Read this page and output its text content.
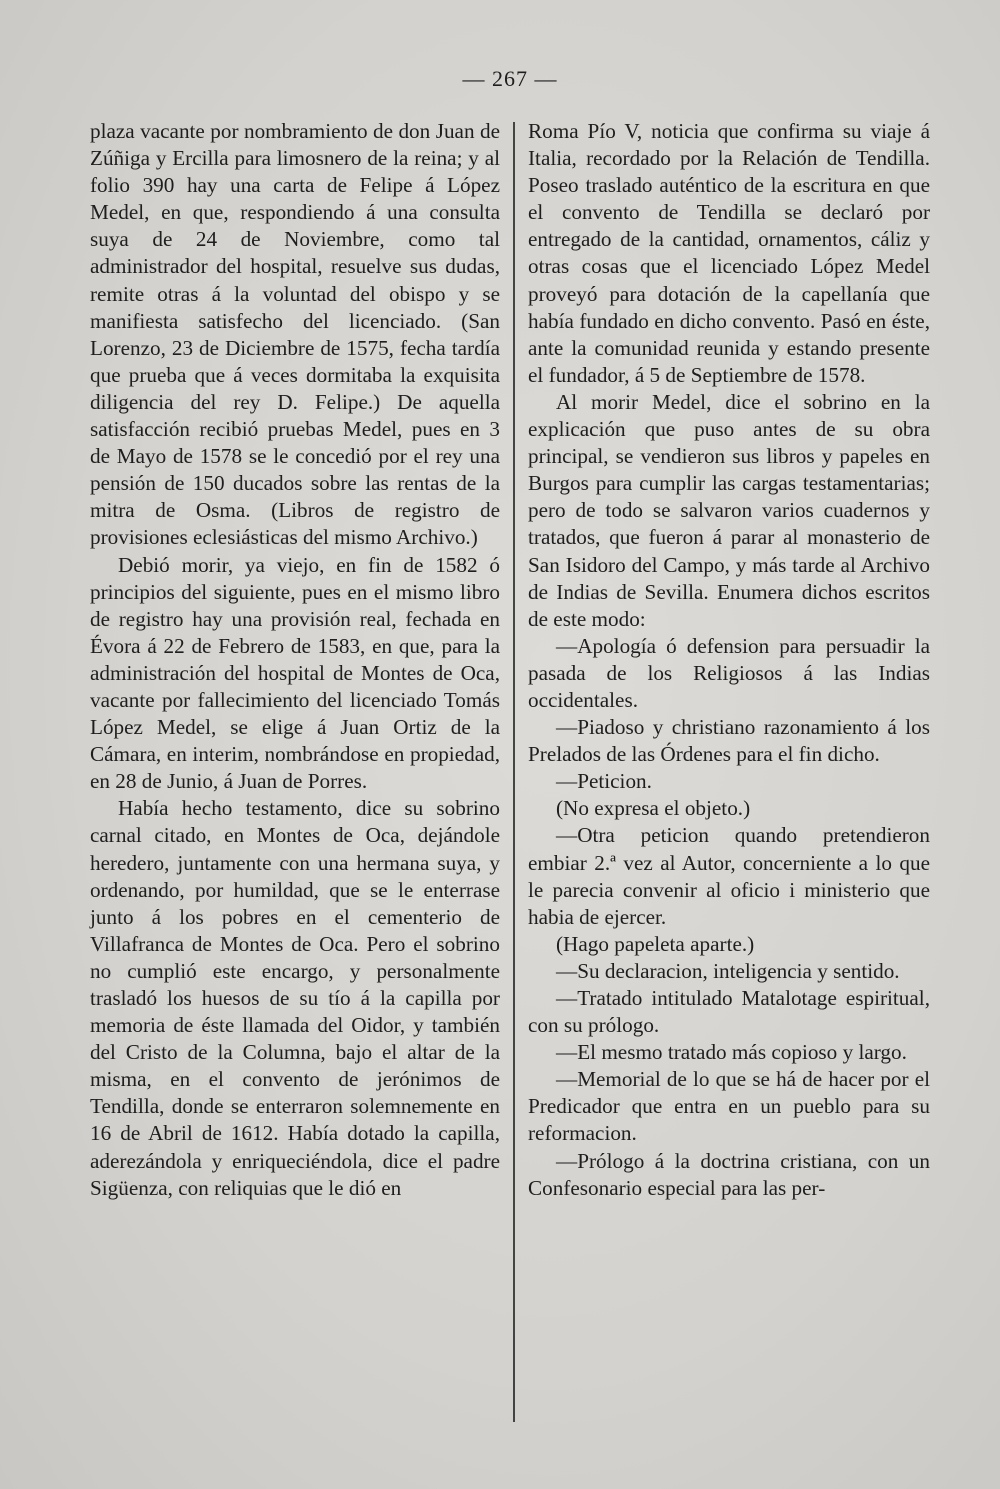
— 267 —

plaza vacante por nombramiento de don Juan de Zúñiga y Ercilla para limosnero de la reina; y al folio 390 hay una carta de Felipe á López Medel, en que, respondiendo á una consulta suya de 24 de Noviembre, como tal administrador del hospital, resuelve sus dudas, remite otras á la voluntad del obispo y se manifiesta satisfecho del licenciado. (San Lorenzo, 23 de Diciembre de 1575, fecha tardía que prueba que á veces dormitaba la exquisita diligencia del rey D. Felipe.) De aquella satisfacción recibió pruebas Medel, pues en 3 de Mayo de 1578 se le concedió por el rey una pensión de 150 ducados sobre las rentas de la mitra de Osma. (Libros de registro de provisiones eclesiásticas del mismo Archivo.)

Debió morir, ya viejo, en fin de 1582 ó principios del siguiente, pues en el mismo libro de registro hay una provisión real, fechada en Évora á 22 de Febrero de 1583, en que, para la administración del hospital de Montes de Oca, vacante por fallecimiento del licenciado Tomás López Medel, se elige á Juan Ortiz de la Cámara, en interim, nombrándose en propiedad, en 28 de Junio, á Juan de Porres.

Había hecho testamento, dice su sobrino carnal citado, en Montes de Oca, dejándole heredero, juntamente con una hermana suya, y ordenando, por humildad, que se le enterrase junto á los pobres en el cementerio de Villafranca de Montes de Oca. Pero el sobrino no cumplió este encargo, y personalmente trasladó los huesos de su tío á la capilla por memoria de éste llamada del Oidor, y también del Cristo de la Columna, bajo el altar de la misma, en el convento de jerónimos de Tendilla, donde se enterraron solemnemente en 16 de Abril de 1612. Había dotado la capilla, aderezándola y enriqueciéndola, dice el padre Sigüenza, con reliquias que le dió en

Roma Pío V, noticia que confirma su viaje á Italia, recordado por la Relación de Tendilla. Poseo traslado auténtico de la escritura en que el convento de Tendilla se declaró por entregado de la cantidad, ornamentos, cáliz y otras cosas que el licenciado López Medel proveyó para dotación de la capellanía que había fundado en dicho convento. Pasó en éste, ante la comunidad reunida y estando presente el fundador, á 5 de Septiembre de 1578.

Al morir Medel, dice el sobrino en la explicación que puso antes de su obra principal, se vendieron sus libros y papeles en Burgos para cumplir las cargas testamentarias; pero de todo se salvaron varios cuadernos y tratados, que fueron á parar al monasterio de San Isidoro del Campo, y más tarde al Archivo de Indias de Sevilla. Enumera dichos escritos de este modo:

—Apología ó defension para persuadir la pasada de los Religiosos á las Indias occidentales.

—Piadoso y christiano razonamiento á los Prelados de las Órdenes para el fin dicho.

—Peticion.

(No expresa el objeto.)

—Otra peticion quando pretendieron embiar 2.ª vez al Autor, concerniente a lo que le parecia convenir al oficio i ministerio que habia de ejercer.

(Hago papeleta aparte.)

—Su declaracion, inteligencia y sentido.

—Tratado intitulado Matalotage espiritual, con su prólogo.

—El mesmo tratado más copioso y largo.

—Memorial de lo que se há de hacer por el Predicador que entra en un pueblo para su reformacion.

—Prólogo á la doctrina cristiana, con un Confesonario especial para las per-
